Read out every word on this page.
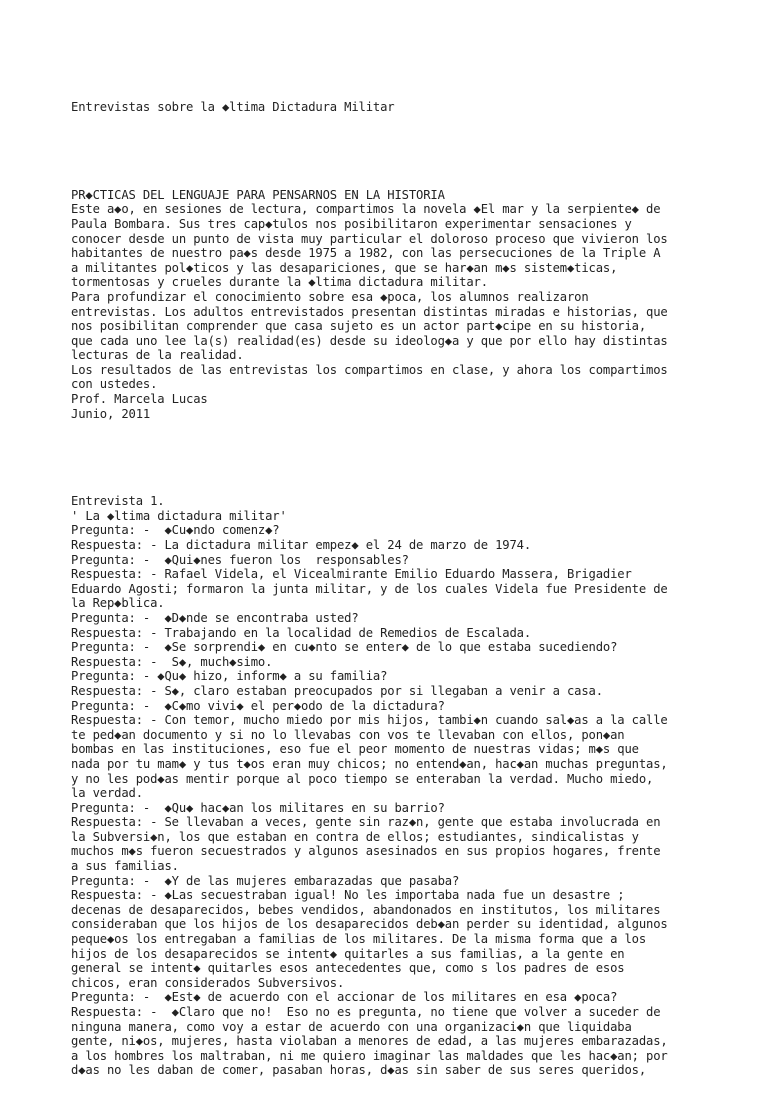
Entrevistas sobre la ◆ltima Dictadura Militar

PR◆CTICAS DEL LENGUAJE PARA PENSARNOS EN LA HISTORIA
Este a◆o, en sesiones de lectura, compartimos la novela ◆El mar y la serpiente◆ de
Paula Bombara. Sus tres cap◆tulos nos posibilitaron experimentar sensaciones y
conocer desde un punto de vista muy particular el doloroso proceso que vivieron los
habitantes de nuestro pa◆s desde 1975 a 1982, con las persecuciones de la Triple A
a militantes pol◆ticos y las desapariciones, que se har◆an m◆s sistem◆ticas,
tormentosas y crueles durante la ◆ltima dictadura militar.
Para profundizar el conocimiento sobre esa ◆poca, los alumnos realizaron
entrevistas. Los adultos entrevistados presentan distintas miradas e historias, que
nos posibilitan comprender que casa sujeto es un actor part◆cipe en su historia,
que cada uno lee la(s) realidad(es) desde su ideolog◆a y que por ello hay distintas
lecturas de la realidad.
Los resultados de las entrevistas los compartimos en clase, y ahora los compartimos
con ustedes.
Prof. Marcela Lucas
Junio, 2011

Entrevista 1.
' La ◆ltima dictadura militar'
Pregunta: -  ◆Cu◆ndo comenz◆?
Respuesta: - La dictadura militar empez◆ el 24 de marzo de 1974.
Pregunta: -  ◆Qui◆nes fueron los  responsables?
Respuesta: - Rafael Videla, el Vicealmirante Emilio Eduardo Massera, Brigadier
Eduardo Agosti; formaron la junta militar, y de los cuales Videla fue Presidente de
la Rep◆blica.
Pregunta: -  ◆D◆nde se encontraba usted?
Respuesta: - Trabajando en la localidad de Remedios de Escalada.
Pregunta: -  ◆Se sorprendi◆ en cu◆nto se enter◆ de lo que estaba sucediendo?
Respuesta: -  S◆, much◆simo.
Pregunta: - ◆Qu◆ hizo, inform◆ a su familia?
Respuesta: - S◆, claro estaban preocupados por si llegaban a venir a casa.
Pregunta: -  ◆C◆mo vivi◆ el per◆odo de la dictadura?
Respuesta: - Con temor, mucho miedo por mis hijos, tambi◆n cuando sal◆as a la calle
te ped◆an documento y si no lo llevabas con vos te llevaban con ellos, pon◆an
bombas en las instituciones, eso fue el peor momento de nuestras vidas; m◆s que
nada por tu mam◆ y tus t◆os eran muy chicos; no entend◆an, hac◆an muchas preguntas,
y no les pod◆as mentir porque al poco tiempo se enteraban la verdad. Mucho miedo,
la verdad.
Pregunta: -  ◆Qu◆ hac◆an los militares en su barrio?
Respuesta: - Se llevaban a veces, gente sin raz◆n, gente que estaba involucrada en
la Subversi◆n, los que estaban en contra de ellos; estudiantes, sindicalistas y
muchos m◆s fueron secuestrados y algunos asesinados en sus propios hogares, frente
a sus familias.
Pregunta: -  ◆Y de las mujeres embarazadas que pasaba?
Respuesta: - ◆Las secuestraban igual! No les importaba nada fue un desastre ;
decenas de desaparecidos, bebes vendidos, abandonados en institutos, los militares
consideraban que los hijos de los desaparecidos deb◆an perder su identidad, algunos
peque◆os los entregaban a familias de los militares. De la misma forma que a los
hijos de los desaparecidos se intent◆ quitarles a sus familias, a la gente en
general se intent◆ quitarles esos antecedentes que, como s los padres de esos
chicos, eran considerados Subversivos.
Pregunta: -  ◆Est◆ de acuerdo con el accionar de los militares en esa ◆poca?
Respuesta: -  ◆Claro que no!  Eso no es pregunta, no tiene que volver a suceder de
ninguna manera, como voy a estar de acuerdo con una organizaci◆n que liquidaba
gente, ni◆os, mujeres, hasta violaban a menores de edad, a las mujeres embarazadas,
a los hombres los maltraban, ni me quiero imaginar las maldades que les hac◆an; por
d◆as no les daban de comer, pasaban horas, d◆as sin saber de sus seres queridos,
